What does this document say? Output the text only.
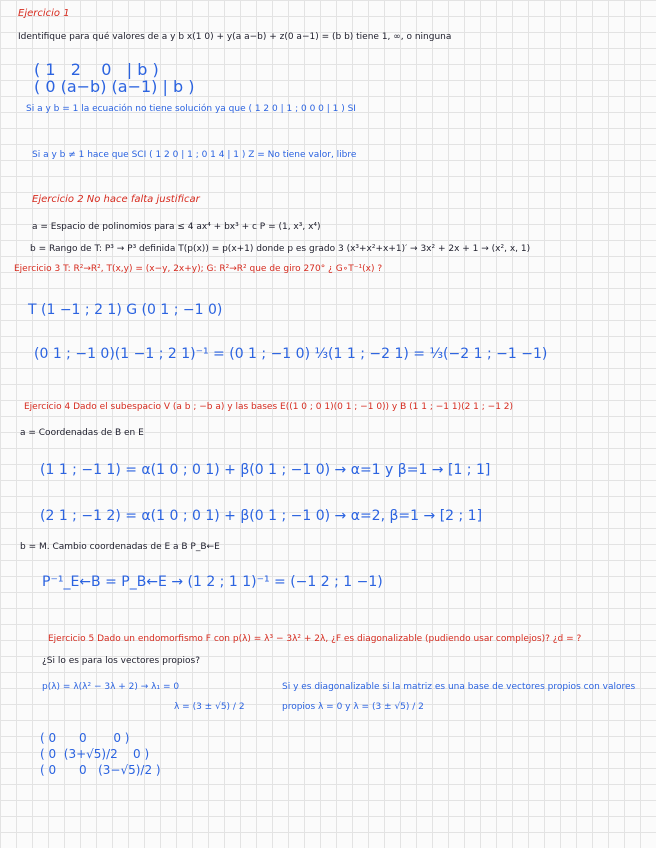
Ejercicio 1
Identifique para qué valores de a y b x(1 0) + y(a a−b) + z(0 a−1) = (b b) tiene 1, ∞, o ninguna
( 1   2    0   | b )
( 0 (a−b) (a−1) | b )
Si a y b = 1 la ecuación no tiene solución ya que ( 1 2 0 | 1 ; 0 0 0 | 1 ) SI
Si a y b ≠ 1 hace que SCI ( 1 2 0 | 1 ; 0 1 4 | 1 ) Z = No tiene valor, libre
Ejercicio 2 No hace falta justificar
a = Espacio de polinomios para ≤ 4 ax⁴ + bx³ + c P = (1, x³, x⁴)
b = Rango de T: P³ → P³ definida T(p(x)) = p(x+1) donde p es grado 3 (x³+x²+x+1)′ → 3x² + 2x + 1 → (x², x, 1)
Ejercicio 3 T: R²→R², T(x,y) = (x−y, 2x+y); G: R²→R² que de giro 270° ¿ G∘T⁻¹(x) ?
T (1 −1 ; 2 1) G (0 1 ; −1 0)
(0 1 ; −1 0)(1 −1 ; 2 1)⁻¹ = (0 1 ; −1 0) ⅓(1 1 ; −2 1) = ⅓(−2 1 ; −1 −1)
Ejercicio 4 Dado el subespacio V (a b ; −b a) y las bases E((1 0 ; 0 1)(0 1 ; −1 0)) y B (1 1 ; −1 1)(2 1 ; −1 2)
a = Coordenadas de B en E
(1 1 ; −1 1) = α(1 0 ; 0 1) + β(0 1 ; −1 0) → α=1 y β=1 → [1 ; 1]
(2 1 ; −1 2) = α(1 0 ; 0 1) + β(0 1 ; −1 0) → α=2, β=1 → [2 ; 1]
b = M. Cambio coordenadas de E a B P_B←E
P⁻¹_E←B = P_B←E → (1 2 ; 1 1)⁻¹ = (−1 2 ; 1 −1)
Ejercicio 5 Dado un endomorfismo F con p(λ) = λ³ − 3λ² + 2λ, ¿F es diagonalizable (pudiendo usar complejos)? ¿d = ?
¿Si lo es para los vectores propios?
p(λ) = λ(λ² − 3λ + 2) → λ₁ = 0	Si y es diagonalizable si la matriz es una base de vectores propios con valores
λ = (3 ± √5) / 2	propios λ = 0 y λ = (3 ± √5) / 2
( 0      0       0 )
( 0  (3+√5)/2    0 )
( 0      0   (3−√5)/2 )
